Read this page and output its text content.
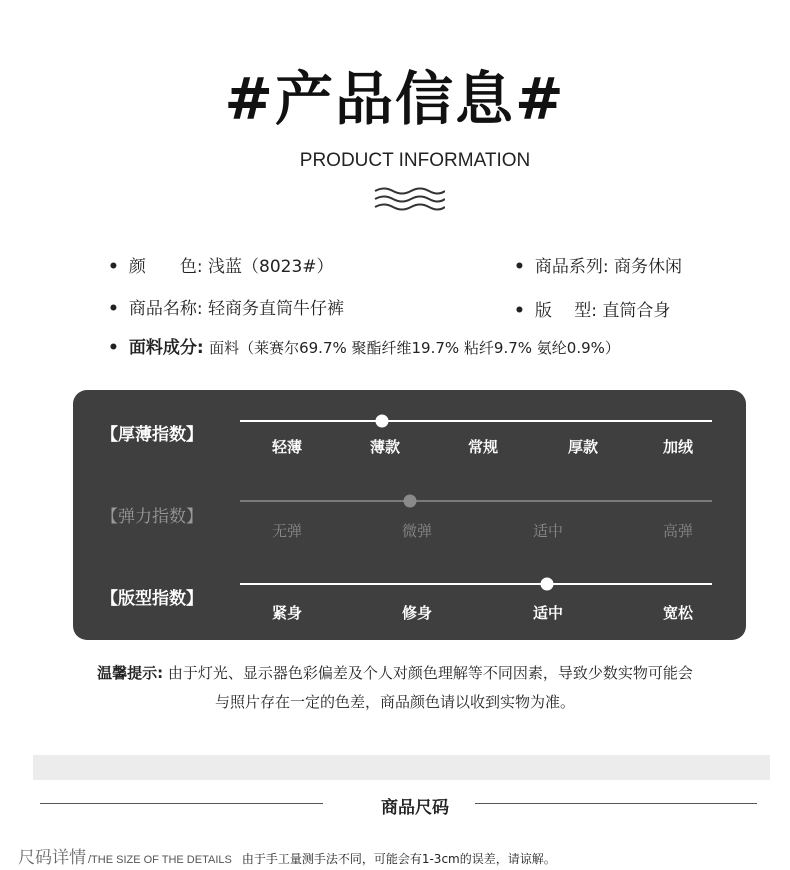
#产品信息#
PRODUCT INFORMATION
• 颜　　色: 浅蓝（8023#）	• 商品系列: 商务休闲
• 商品名称: 轻商务直筒牛仔裤	• 版　 型: 直筒合身
• 面料成分: 面料（莱赛尔69.7% 聚酯纤维19.7% 粘纤9.7% 氨纶0.9%）
【厚薄指数】
轻薄	薄款	常规	厚款	加绒
【弹力指数】
无弹	微弹	适中	高弹
【版型指数】
紧身	修身	适中	宽松
温馨提示: 由于灯光、显示器色彩偏差及个人对颜色理解等不同因素，导致少数实物可能会
与照片存在一定的色差，商品颜色请以收到实物为准。
商品尺码
尺码详情 /THE SIZE OF THE DETAILS 由于手工量测手法不同，可能会有1-3cm的误差，请谅解。
